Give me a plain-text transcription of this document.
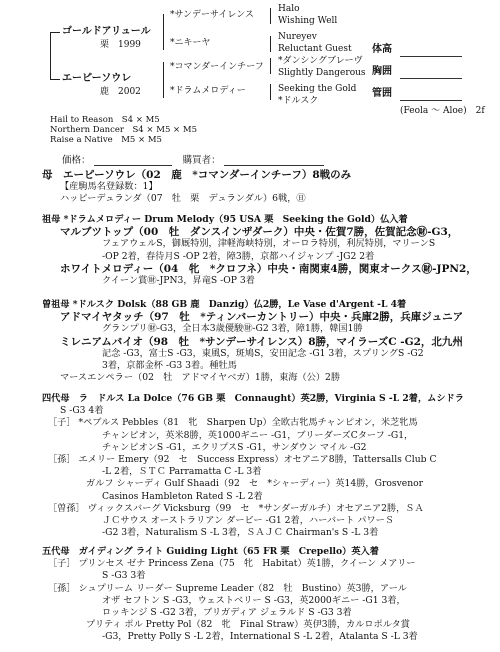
ゴールドアリュール
栗　1999
エーピーソウレ
鹿　2002
*サンデーサイレンス
*ニキーヤ
*コマンダーインチーフ
*ドラムメロディー
Halo
Wishing Well
Nureyev
Reluctant Guest
*ダンシングブレーヴ
Slightly Dangerous
Seeking the Gold
*ドルスク
体高
胸囲
管囲
Hail to Reason　S4 × M5
Northern Dancer　S4 × M5 × M5
Raise a Native　M5 × M5
(Feola ～ Aloe)　2f
価格：	購買者：
母　エーピーソウレ（02　鹿　*コマンダーインチーフ）8戦のみ
【産駒馬名登録数：1】
ハッピーデュランダ（07　牡　栗　デュランダル）6戦，㊐
祖母 *ドラムメロディー Drum Melody（95 USA 栗　Seeking the Gold）仏入着
マルブツトップ（00　牡　ダンスインザダーク）中央・佐賀7勝，佐賀記念㊖-G3，
フェアウェルS，御厩特別，津軽海峡特別，オーロラ特別，利尻特別，マリーンS
-OP 2着，春待月S -OP 2着，障3勝，京都ハイジャンプ -JG2 2着
ホワイトメロディー（04　牝　*クロフネ）中央・南関東4勝，関東オークス㊖-JPN2，
クイーン賞㊖-JPN3，昇竜S -OP 3着
曽祖母 *ドルスク Dolsk（88 GB 鹿　Danzig）仏2勝，Le Vase d'Argent -L 4着
アドマイヤタッチ（97　牡　*ティンバーカントリー）中央・兵庫2勝，兵庫ジュニア
グランプリ㊖-G3，全日本3歳優駿㊖-G2 3着，障1勝，韓国1勝
ミレニアムバイオ（98　牡　*サンデーサイレンス）8勝，マイラーズC -G2，北九州
記念 -G3，富士S -G3，東風S，斑鳩S，安田記念 -G1 3着，スプリングS -G2
3着，京都金杯 -G3 3着。種牡馬
マースエンペラー（02　牡　アドマイヤベガ）1勝，東海（公）2勝
四代母　ラ　ドルス La Dolce（76 GB 栗　Connaught）英2勝，Virginia S -L 2着，ムシドラ
S -G3 4着
［子］ *ペブルス Pebbles（81　牝　Sharpen Up）全欧古牝馬チャンピオン，米芝牝馬
チャンピオン，英米8勝，英1000ギニー -G1，ブリーダーズCターフ -G1，
チャンピオンS -G1，エクリプスS -G1，サンダウン マイル -G2
［孫］ エメリー Emery（92　セ　Success Express）オセアニア8勝，Tattersalls Club C
-L 2着，ＳＴＣ Parramatta C -L 3着
ガルフ シャーディ Gulf Shaadi（92　セ　*シャーディー）英14勝，Grosvenor
Casinos Hambleton Rated S -L 2着
［曽孫］ ヴィックスバーグ Vicksburg（99　セ　*サンダーガルチ）オセアニア2勝，ＳＡ
ＪＣサウス オーストラリアン ダービー -G1 2着，ハーバート パワーＳ
-G2 3着，Naturalism S -L 3着，ＳＡＪＣ Chairman's S -L 3着
五代母　ガイディング ライト Guiding Light（65 FR 栗　Crepello）英入着
［子］ プリンセス ゼナ Princess Zena（75　牝　Habitat）英1勝，クイーン メアリー
S -G3 3着
［孫］ シュプリーム リーダー Supreme Leader（82　牡　Bustino）英3勝，アール
オザ セフトン S -G3，ウェストベリー S -G3，英2000ギニー -G1 3着，
ロッキンジ S -G2 3着，ブリガディア ジェラルド S -G3 3着
プリティ ポル Pretty Pol（82　牝　Final Straw）英伊3勝，カルロポルタ賞
-G3，Pretty Polly S -L 2着，International S -L 2着，Atalanta S -L 3着
